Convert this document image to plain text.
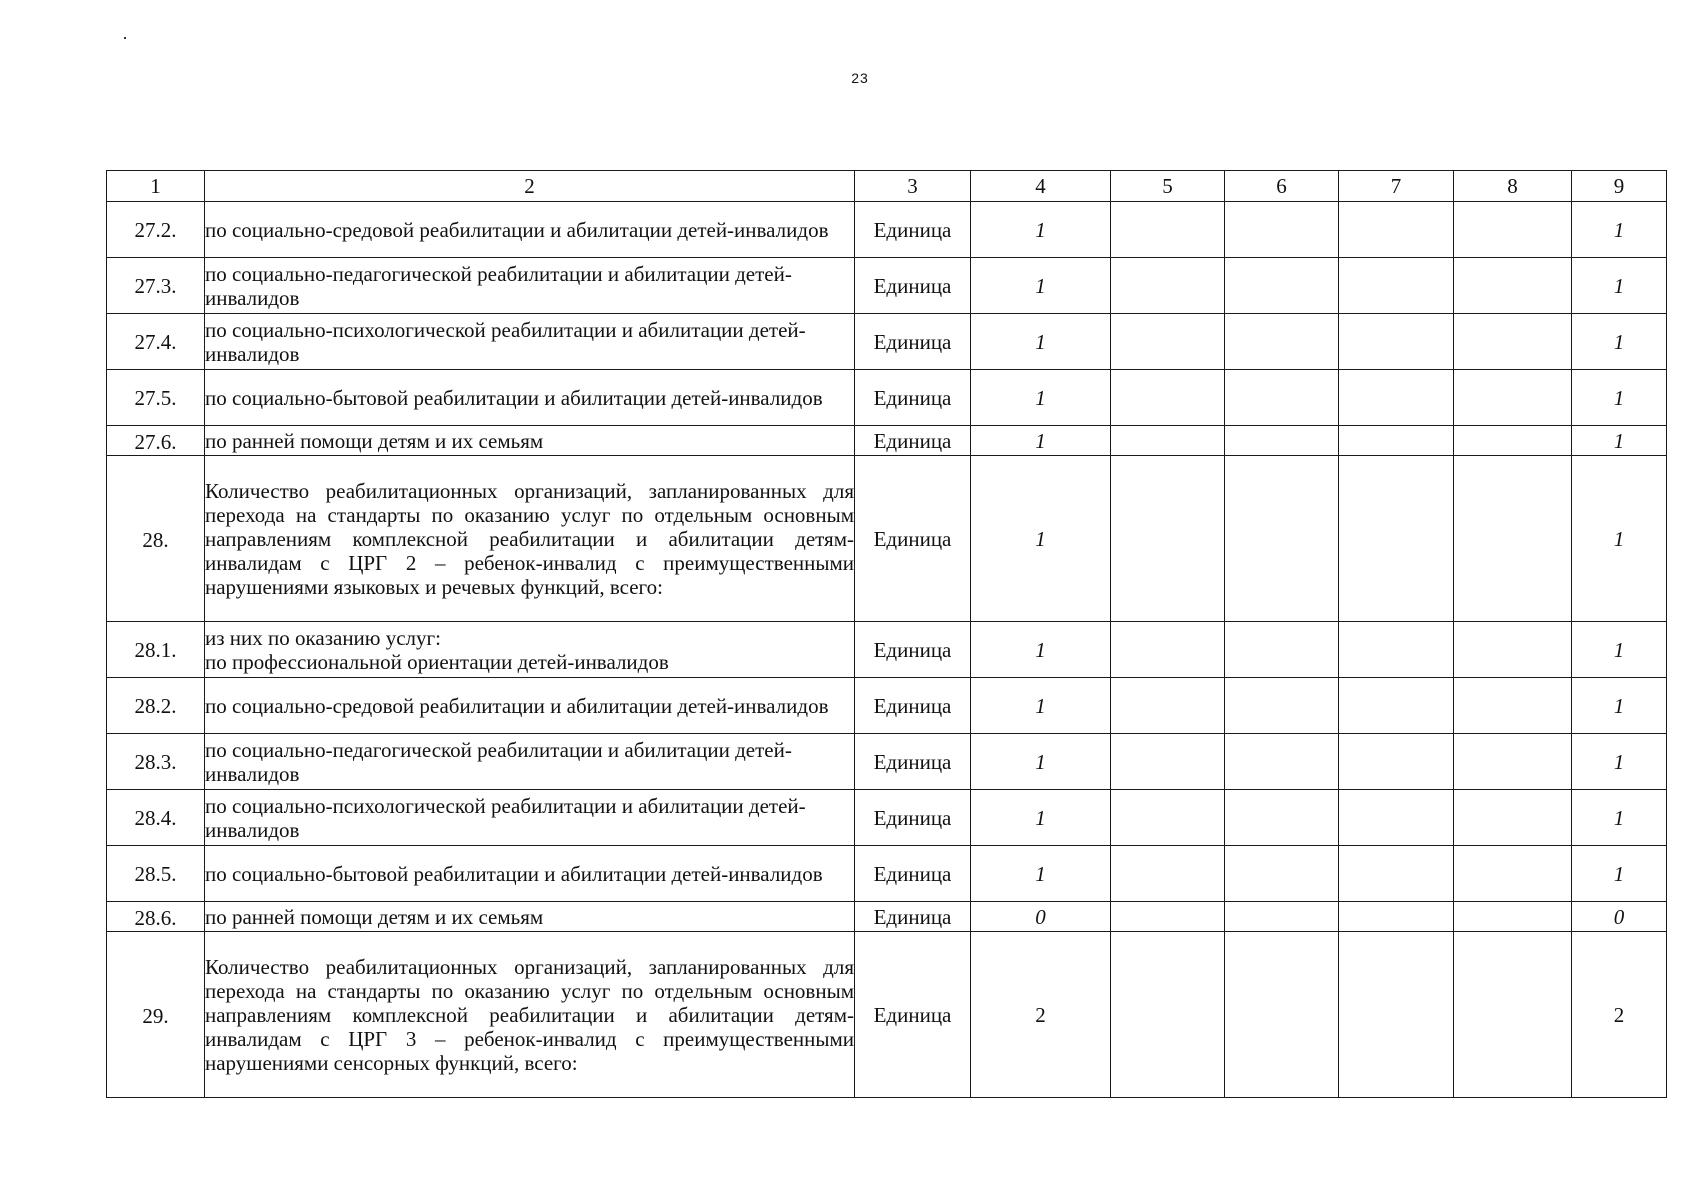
23
1	2	3	4	5	6	7	8	9
27.2.	по социально-средовой реабилитации и абилитации детей-инвалидов	Единица	1					1
27.3.	по социально-педагогической реабилитации и абилитации детей-инвалидов	Единица	1					1
27.4.	по социально-психологической реабилитации и абилитации детей-инвалидов	Единица	1					1
27.5.	по социально-бытовой реабилитации и абилитации детей-инвалидов	Единица	1					1
27.6.	по ранней помощи детям и их семьям	Единица	1					1
28.	Количество реабилитационных организаций, запланированных для перехода на стандарты по оказанию услуг по отдельным основным направлениям комплексной реабилитации и абилитации детям-инвалидам с ЦРГ 2 – ребенок-инвалид с преимущественными нарушениями языковых и речевых функций, всего:	Единица	1					1
28.1.	из них по оказанию услуг:
по профессиональной ориентации детей-инвалидов	Единица	1					1
28.2.	по социально-средовой реабилитации и абилитации детей-инвалидов	Единица	1					1
28.3.	по социально-педагогической реабилитации и абилитации детей-инвалидов	Единица	1					1
28.4.	по социально-психологической реабилитации и абилитации детей-инвалидов	Единица	1					1
28.5.	по социально-бытовой реабилитации и абилитации детей-инвалидов	Единица	1					1
28.6.	по ранней помощи детям и их семьям	Единица	0					0
29.	Количество реабилитационных организаций, запланированных для перехода на стандарты по оказанию услуг по отдельным основным направлениям комплексной реабилитации и абилитации детям-инвалидам с ЦРГ 3 – ребенок-инвалид с преимущественными нарушениями сенсорных функций, всего:	Единица	2					2
